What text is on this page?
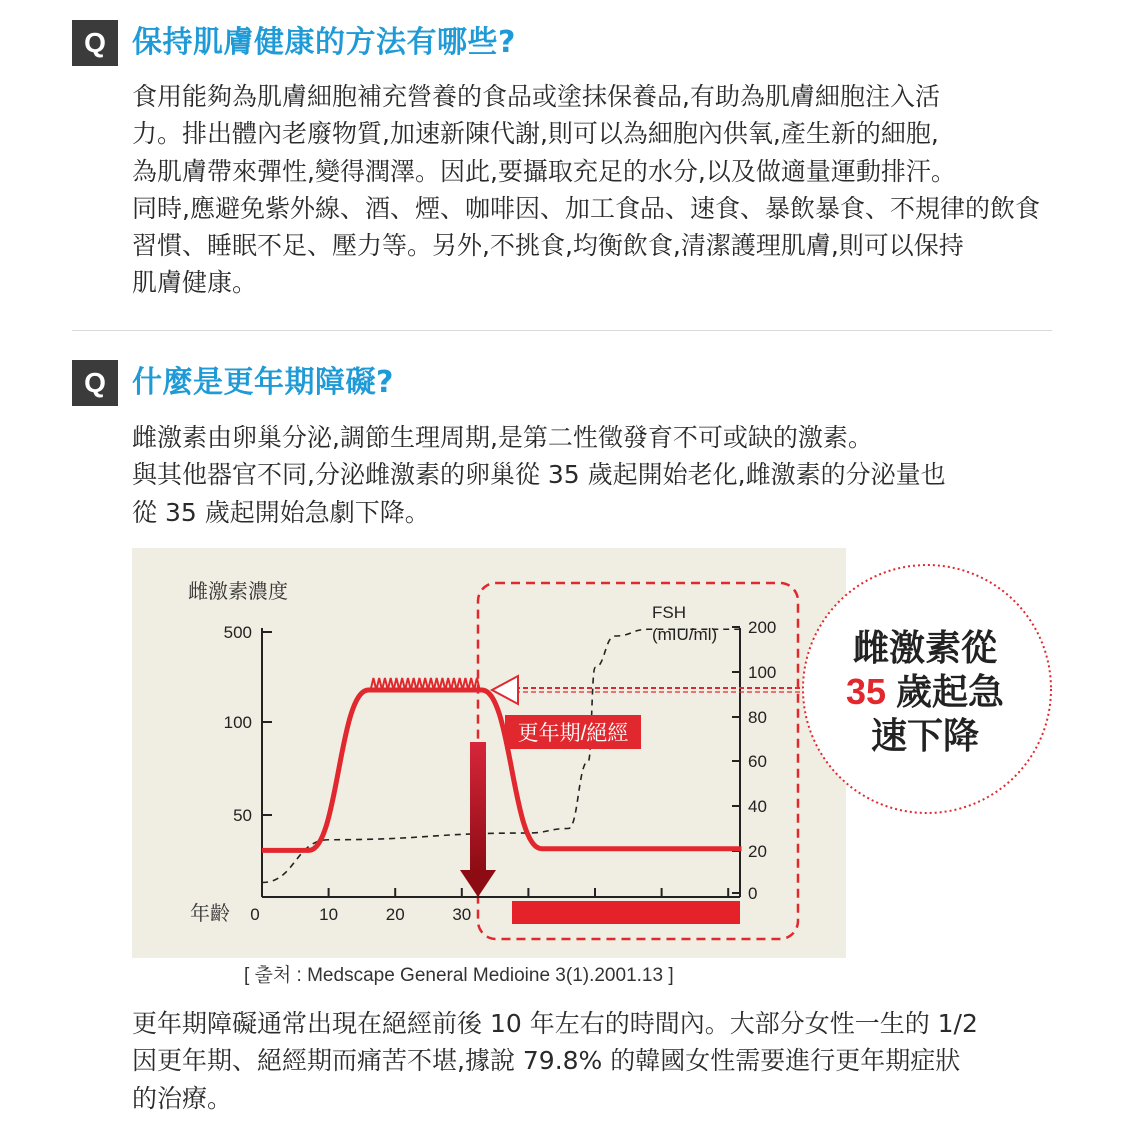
Q 保持肌膚健康的方法有哪些?

食用能夠為肌膚細胞補充營養的食品或塗抹保養品,有助為肌膚細胞注入活

力。排出體內老廢物質,加速新陳代謝,則可以為細胞內供氧,產生新的細胞,

為肌膚帶來彈性,變得潤澤。因此,要攝取充足的水分,以及做適量運動排汗。

同時,應避免紫外線、酒、煙、咖啡因、加工食品、速食、暴飲暴食、不規律的飲食

習慣、睡眠不足、壓力等。另外,不挑食,均衡飲食,清潔護理肌膚,則可以保持

肌膚健康。

Q 什麼是更年期障礙?

雌激素由卵巢分泌,調節生理周期,是第二性徵發育不可或缺的激素。

與其他器官不同,分泌雌激素的卵巢從 35 歲起開始老化,雌激素的分泌量也

從 35 歲起開始急劇下降。

0	10	20	30
500
100
50
200
100
80
60
40
20
0
更年期/絕經
雌激素濃度
FSH
(mIU/ml)
年齡
雌激素從
35 歲起急
速下降
[ 출처 : Medscape General Medioine 3(1).2001.13 ]

更年期障礙通常出現在絕經前後 10 年左右的時間內。大部分女性一生的 1/2

因更年期、絕經期而痛苦不堪,據說 79.8% 的韓國女性需要進行更年期症狀

的治療。
